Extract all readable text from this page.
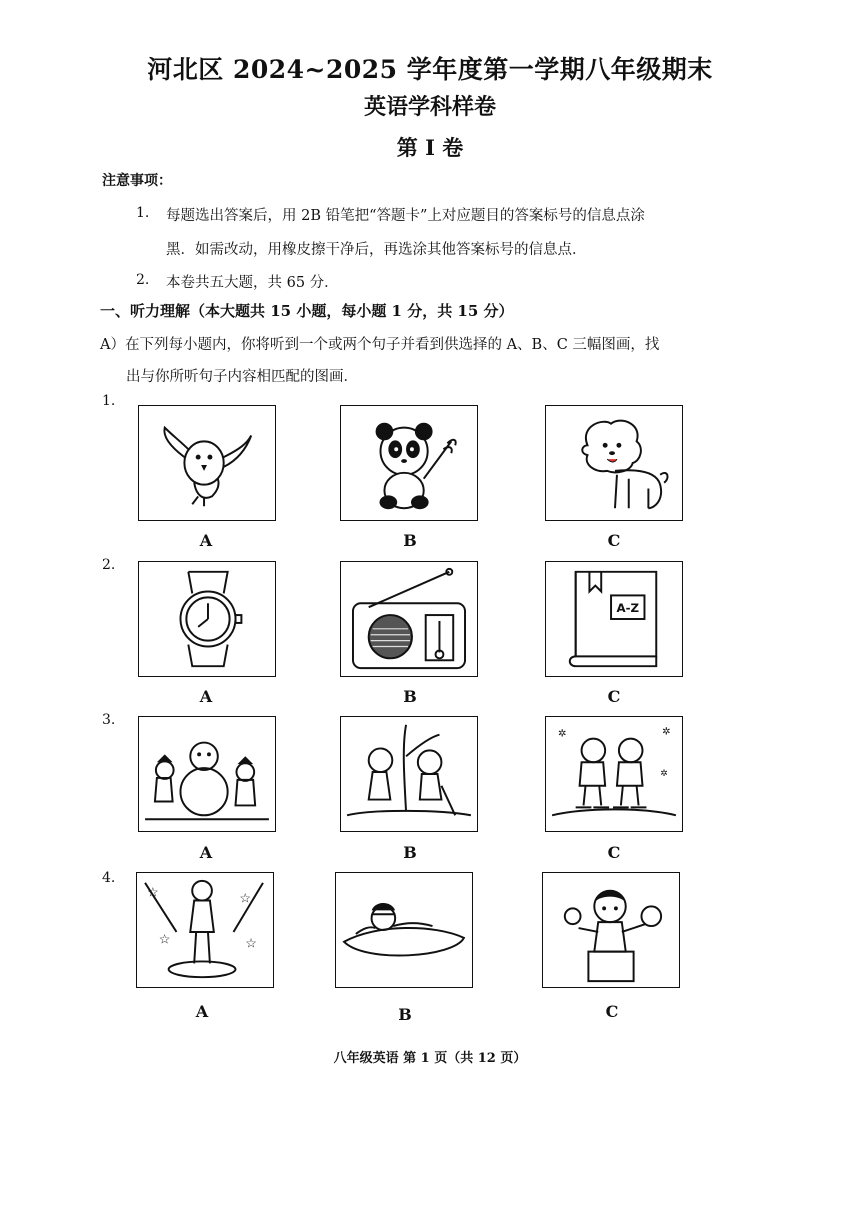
河北区 2024~2025 学年度第一学期八年级期末
英语学科样卷
第 I 卷
注意事项：
1. 每题选出答案后，用 2B 铅笔把“答题卡”上对应题目的答案标号的信息点涂
黑．如需改动，用橡皮擦干净后，再选涂其他答案标号的信息点．
2. 本卷共五大题，共 65 分．
一、听力理解（本大题共 15 小题，每小题 1 分，共 15 分）
A）在下列每小题内，你将听到一个或两个句子并看到供选择的 A、B、C 三幅图画，找
出与你所听句子内容相匹配的图画．
1.
A	B	C
2.
A-Z
A	B	C
3.
✲	✲
✲
A	B	C
4.
☆
☆
☆
☆
A	B	C
八年级英语 第 1 页（共 12 页）
